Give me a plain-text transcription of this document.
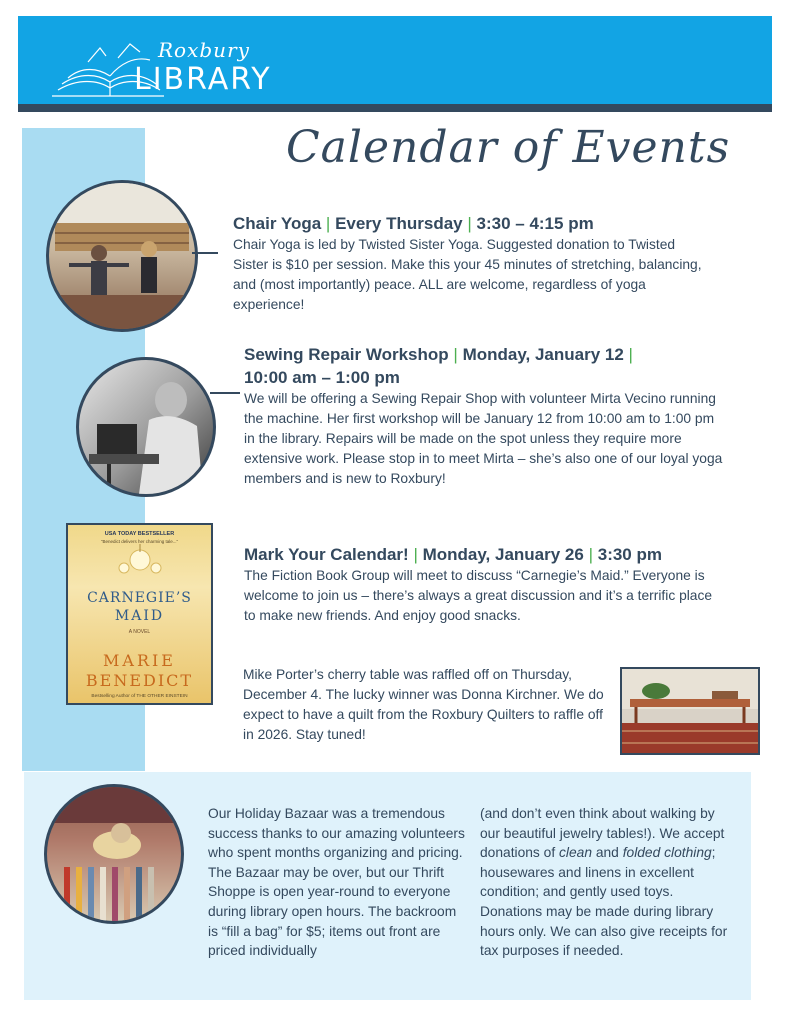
Roxbury
LIBRARY
Calendar of Events
Chair Yoga | Every Thursday | 3:30 – 4:15 pm
Chair Yoga is led by Twisted Sister Yoga. Suggested donation to Twisted Sister is $10 per session. Make this your 45 minutes of stretching, balancing, and (most importantly) peace. ALL are welcome, regardless of yoga experience!
Sewing Repair Workshop | Monday, January 12 |
10:00 am – 1:00 pm
We will be offering a Sewing Repair Shop with volunteer Mirta Vecino running the machine. Her first workshop will be January 12 from 10:00 am to 1:00 pm in the library. Repairs will be made on the spot unless they require more extensive work. Please stop in to meet Mirta – she’s also one of our loyal yoga members and is new to Roxbury!
USA TODAY BESTSELLER
“Benedict delivers her charming tale...”
CARNEGIE’S
MAID
A NOVEL
MARIE
BENEDICT
Bestselling Author of THE OTHER EINSTEIN
Mark Your Calendar! | Monday, January 26 | 3:30 pm
The Fiction Book Group will meet to discuss “Carnegie’s Maid.” Everyone is welcome to join us – there’s always a great discussion and it’s a terrific place to make new friends. And enjoy good snacks.
Mike Porter’s cherry table was raffled off on Thursday, December 4. The lucky winner was Donna Kirchner. We do expect to have a quilt from the Roxbury Quilters to raffle off in 2026. Stay tuned!
Our Holiday Bazaar was a tremendous success thanks to our amazing volunteers who spent months organizing and pricing. The Bazaar may be over, but our Thrift Shoppe is open year-round to everyone during library open hours. The backroom is “fill a bag” for $5; items out front are priced individually
(and don’t even think about walking by our beautiful jewelry tables!). We accept donations of clean and folded clothing; housewares and linens in excellent condition; and gently used toys. Donations may be made during library hours only. We can also give receipts for tax purposes if needed.
